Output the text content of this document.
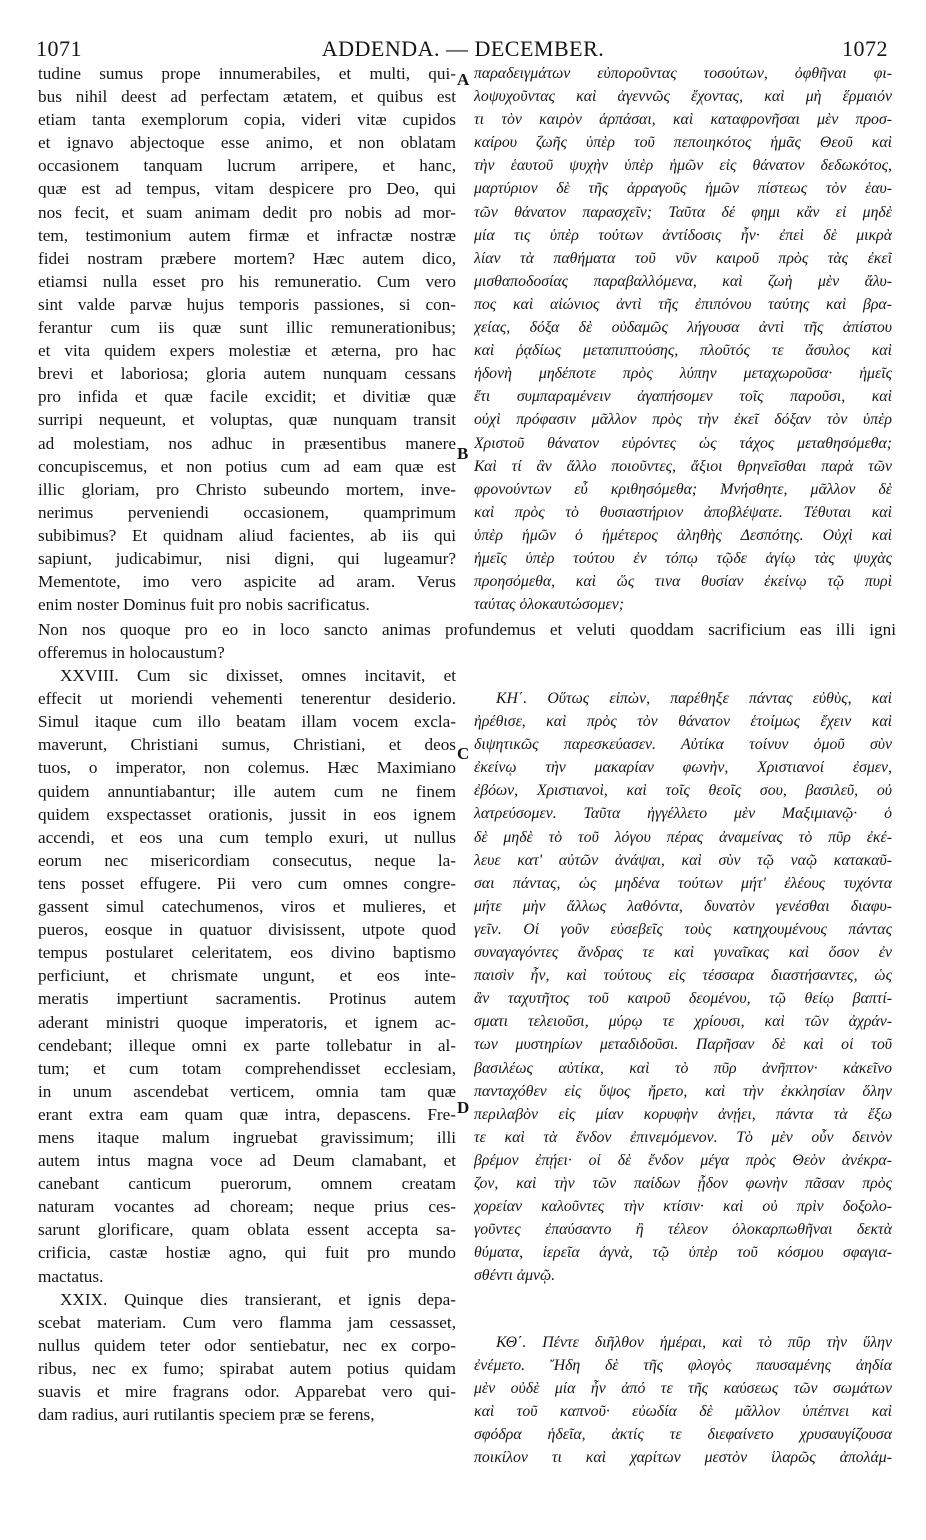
1071	ADDENDA. — DECEMBER.	1072
A
B
C
D

tudine sumus prope innumerabiles, et multi, qui-

bus nihil deest ad perfectam ætatem, et quibus est

etiam tanta exemplorum copia, videri vitæ cupidos

et ignavo abjectoque esse animo, et non oblatam

occasionem tanquam lucrum arripere, et hanc,

quæ est ad tempus, vitam despicere pro Deo, qui

nos fecit, et suam animam dedit pro nobis ad mor-

tem, testimonium autem firmæ et infractæ nostræ

fidei nostram præbere mortem? Hæc autem dico,

etiamsi nulla esset pro his remuneratio. Cum vero

sint valde parvæ hujus temporis passiones, si con-

ferantur cum iis quæ sunt illic remunerationibus;

et vita quidem expers molestiæ et æterna, pro hac

brevi et laboriosa; gloria autem nunquam cessans

pro infida et quæ facile excidit; et divitiæ quæ

surripi nequeunt, et voluptas, quæ nunquam transit

ad molestiam, nos adhuc in præsentibus manere

concupiscemus, et non potius cum ad eam quæ est

illic gloriam, pro Christo subeundo mortem, inve-

nerimus perveniendi occasionem, quamprimum

subibimus? Et quidnam aliud facientes, ab iis qui

sapiunt, judicabimur, nisi digni, qui lugeamur?

Mementote, imo vero aspicite ad aram. Verus

enim noster Dominus fuit pro nobis sacrificatus.

παραδειγμάτων εὐποροῦντας τοσούτων, ὀφθῆναι φι-

λοψυχοῦντας καὶ ἀγεννῶς ἔχοντας, καὶ μὴ ἕρμαιόν

τι τὸν καιρὸν ἁρπάσαι, καὶ καταφρονῆσαι μὲν προσ-

καίρου ζωῆς ὑπὲρ τοῦ πεποιηκότος ἡμᾶς Θεοῦ καὶ

τὴν ἑαυτοῦ ψυχὴν ὑπὲρ ἡμῶν εἰς θάνατον δεδωκότος,

μαρτύριον δὲ τῆς ἀρραγοῦς ἡμῶν πίστεως τὸν ἑαυ-

τῶν θάνατον παρασχεῖν; Ταῦτα δέ φημι κἂν εἰ μηδὲ

μία τις ὑπὲρ τούτων ἀντίδοσις ἦν· ἐπεὶ δὲ μικρὰ

λίαν τὰ παθήματα τοῦ νῦν καιροῦ πρὸς τὰς ἐκεῖ

μισθαποδοσίας παραβαλλόμενα, καὶ ζωὴ μὲν ἄλυ-

πος καὶ αἰώνιος ἀντὶ τῆς ἐπιπόνου ταύτης καὶ βρα-

χείας, δόξα δὲ οὐδαμῶς λήγουσα ἀντὶ τῆς ἀπίστου

καὶ ῥᾳδίως μεταπιπτούσης, πλοῦτός τε ἄσυλος καὶ

ἡδονὴ μηδέποτε πρὸς λύπην μεταχωροῦσα· ἡμεῖς

ἔτι συμπαραμένειν ἀγαπήσομεν τοῖς παροῦσι, καὶ

οὐχὶ πρόφασιν μᾶλλον πρὸς τὴν ἐκεῖ δόξαν τὸν ὑπὲρ

Χριστοῦ θάνατον εὑρόντες ὡς τάχος μεταθησόμεθα;

Καὶ τί ἂν ἄλλο ποιοῦντες, ἄξιοι θρηνεῖσθαι παρὰ τῶν

φρονούντων εὖ κριθησόμεθα; Μνήσθητε, μᾶλλον δὲ

καὶ πρὸς τὸ θυσιαστήριον ἀποβλέψατε. Τέθυται καὶ

ὑπὲρ ἡμῶν ὁ ἡμέτερος ἀληθὴς Δεσπότης. Οὐχὶ καὶ

ἡμεῖς ὑπὲρ τούτου ἐν τόπῳ τῷδε ἁγίῳ τὰς ψυχὰς

προησόμεθα, καὶ ὥς τινα θυσίαν ἐκείνῳ τῷ πυρὶ

ταύτας ὁλοκαυτώσομεν;

Non nos quoque pro eo in loco sancto animas profundemus et veluti quoddam sacrificium eas illi igni

offeremus in holocaustum?

XXVIII. Cum sic dixisset, omnes incitavit, et

effecit ut moriendi vehementi tenerentur desiderio.

Simul itaque cum illo beatam illam vocem excla-

maverunt, Christiani sumus, Christiani, et deos

tuos, o imperator, non colemus. Hæc Maximiano

quidem annuntiabantur; ille autem cum ne finem

quidem exspectasset orationis, jussit in eos ignem

accendi, et eos una cum templo exuri, ut nullus

eorum nec misericordiam consecutus, neque la-

tens posset effugere. Pii vero cum omnes congre-

gassent simul catechumenos, viros et mulieres, et

pueros, eosque in quatuor divisissent, utpote quod

tempus postularet celeritatem, eos divino baptismo

perficiunt, et chrismate ungunt, et eos inte-

meratis impertiunt sacramentis. Protinus autem

aderant ministri quoque imperatoris, et ignem ac-

cendebant; illeque omni ex parte tollebatur in al-

tum; et cum totam comprehendisset ecclesiam,

in unum ascendebat verticem, omnia tam quæ

erant extra eam quam quæ intra, depascens. Fre-

mens itaque malum ingruebat gravissimum; illi

autem intus magna voce ad Deum clamabant, et

canebant canticum puerorum, omnem creatam

naturam vocantes ad choream; neque prius ces-

sarunt glorificare, quam oblata essent accepta sa-

crificia, castæ hostiæ agno, qui fuit pro mundo

mactatus.

XXIX. Quinque dies transierant, et ignis depa-

scebat materiam. Cum vero flamma jam cessasset,

nullus quidem teter odor sentiebatur, nec ex corpo-

ribus, nec ex fumo; spirabat autem potius quidam

suavis et mire fragrans odor. Apparebat vero qui-

dam radius, auri rutilantis speciem præ se ferens,

ΚΗ΄. Οὕτως εἰπὼν, παρέθηξε πάντας εὐθὺς, καὶ

ἠρέθισε, καὶ πρὸς τὸν θάνατον ἑτοίμως ἔχειν καὶ

διψητικῶς παρεσκεύασεν. Αὐτίκα τοίνυν ὁμοῦ σὺν

ἐκείνῳ τὴν μακαρίαν φωνὴν, Χριστιανοί ἐσμεν,

ἐβόων, Χριστιανοὶ, καὶ τοῖς θεοῖς σου, βασιλεῦ, οὐ

λατρεύσομεν. Ταῦτα ἠγγέλλετο μὲν Μαξιμιανῷ· ὁ

δὲ μηδὲ τὸ τοῦ λόγου πέρας ἀναμείνας τὸ πῦρ ἐκέ-

λευε κατ' αὐτῶν ἀνάψαι, καὶ σὺν τῷ ναῷ κατακαῦ-

σαι πάντας, ὡς μηδένα τούτων μήτ' ἐλέους τυχόντα

μήτε μὴν ἄλλως λαθόντα, δυνατὸν γενέσθαι διαφυ-

γεῖν. Οἱ γοῦν εὐσεβεῖς τοὺς κατηχουμένους πάντας

συναγαγόντες ἄνδρας τε καὶ γυναῖκας καὶ ὅσον ἐν

παισὶν ἦν, καὶ τούτους εἰς τέσσαρα διαστήσαντες, ὡς

ἂν ταχυτῆτος τοῦ καιροῦ δεομένου, τῷ θείῳ βαπτί-

σματι τελειοῦσι, μύρῳ τε χρίουσι, καὶ τῶν ἀχράν-

των μυστηρίων μεταδιδοῦσι. Παρῆσαν δὲ καὶ οἱ τοῦ

βασιλέως αὐτίκα, καὶ τὸ πῦρ ἀνῆπτον· κἀκεῖνο

πανταχόθεν εἰς ὕψος ἤρετο, καὶ τὴν ἐκκλησίαν ὅλην

περιλαβὸν εἰς μίαν κορυφὴν ἀνῄει, πάντα τὰ ἔξω

τε καὶ τὰ ἔνδον ἐπινεμόμενον. Τὸ μὲν οὖν δεινὸν

βρέμον ἐπῄει· οἱ δὲ ἔνδον μέγα πρὸς Θεὸν ἀνέκρα-

ζον, καὶ τὴν τῶν παίδων ᾖδον φωνὴν πᾶσαν πρὸς

χορείαν καλοῦντες τὴν κτίσιν· καὶ οὐ πρὶν δοξολο-

γοῦντες ἐπαύσαντο ἢ τέλεον ὁλοκαρπωθῆναι δεκτὰ

θύματα, ἱερεῖα ἁγνὰ, τῷ ὑπὲρ τοῦ κόσμου σφαγια-

σθέντι ἀμνῷ.

ΚΘ΄. Πέντε διῆλθον ἡμέραι, καὶ τὸ πῦρ τὴν ὕλην

ἐνέμετο. Ἤδη δὲ τῆς φλογὸς παυσαμένης ἀηδία

μὲν οὐδὲ μία ἦν ἀπό τε τῆς καύσεως τῶν σωμάτων

καὶ τοῦ καπνοῦ· εὐωδία δὲ μᾶλλον ὑπέπνει καὶ

σφόδρα ἡδεῖα, ἀκτίς τε διεφαίνετο χρυσαυγίζουσα

ποικίλον τι καὶ χαρίτων μεστὸν ἱλαρῶς ἀπολάμ-
